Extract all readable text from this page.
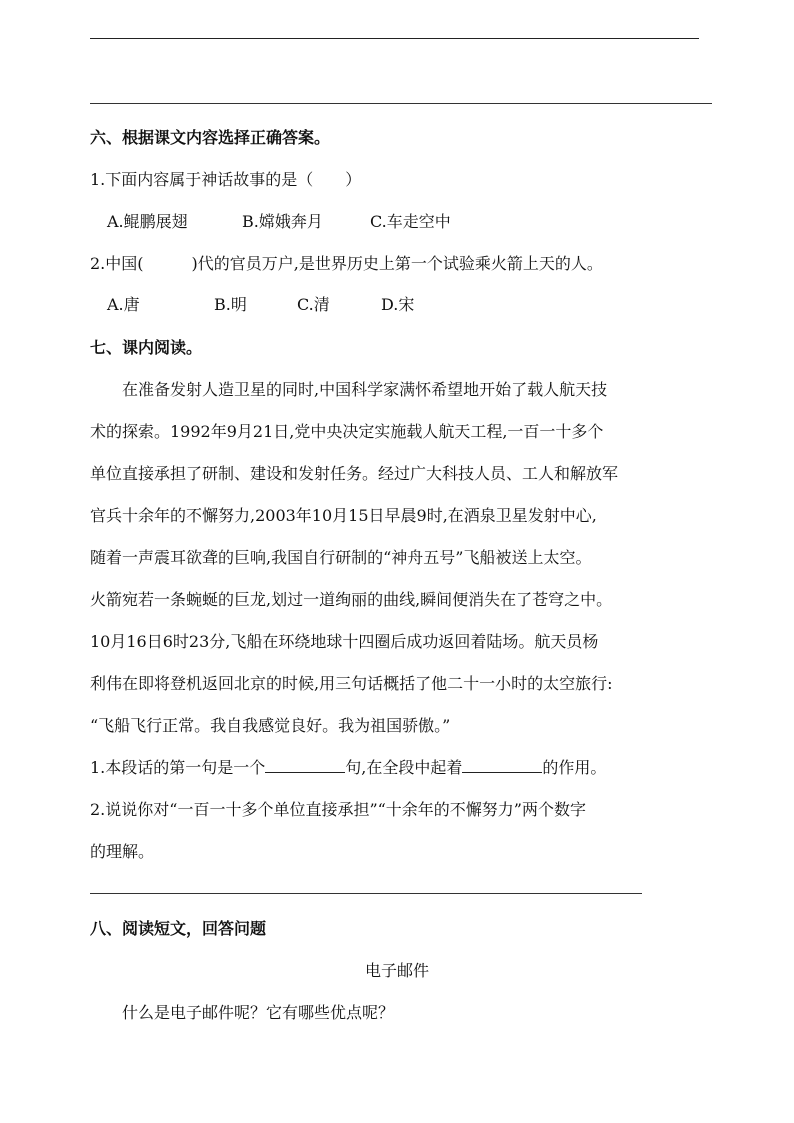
六、根据课文内容选择正确答案。
1.下面内容属于神话故事的是（　　）
A.鲲鹏展翅	B.嫦娥奔月	C.车走空中
2.中国(　　　)代的官员万户,是世界历史上第一个试验乘火箭上天的人。
A.唐	B.明	C.清	D.宋
七、课内阅读。
　　在准备发射人造卫星的同时,中国科学家满怀希望地开始了载人航天技
术的探索。1992年9月21日,党中央决定实施载人航天工程,一百一十多个
单位直接承担了研制、建设和发射任务。经过广大科技人员、工人和解放军
官兵十余年的不懈努力,2003年10月15日早晨9时,在酒泉卫星发射中心,
随着一声震耳欲聋的巨响,我国自行研制的“神舟五号”飞船被送上太空。
火箭宛若一条蜿蜒的巨龙,划过一道绚丽的曲线,瞬间便消失在了苍穹之中。
10月16日6时23分,飞船在环绕地球十四圈后成功返回着陆场。航天员杨
利伟在即将登机返回北京的时候,用三句话概括了他二十一小时的太空旅行:
“飞船飞行正常。我自我感觉良好。我为祖国骄傲。”
1.本段话的第一句是一个	句,在全段中起着	的作用。
2.说说你对“一百一十多个单位直接承担”“十余年的不懈努力”两个数字
的理解。
八、阅读短文，回答问题
电子邮件
　　什么是电子邮件呢？它有哪些优点呢？
